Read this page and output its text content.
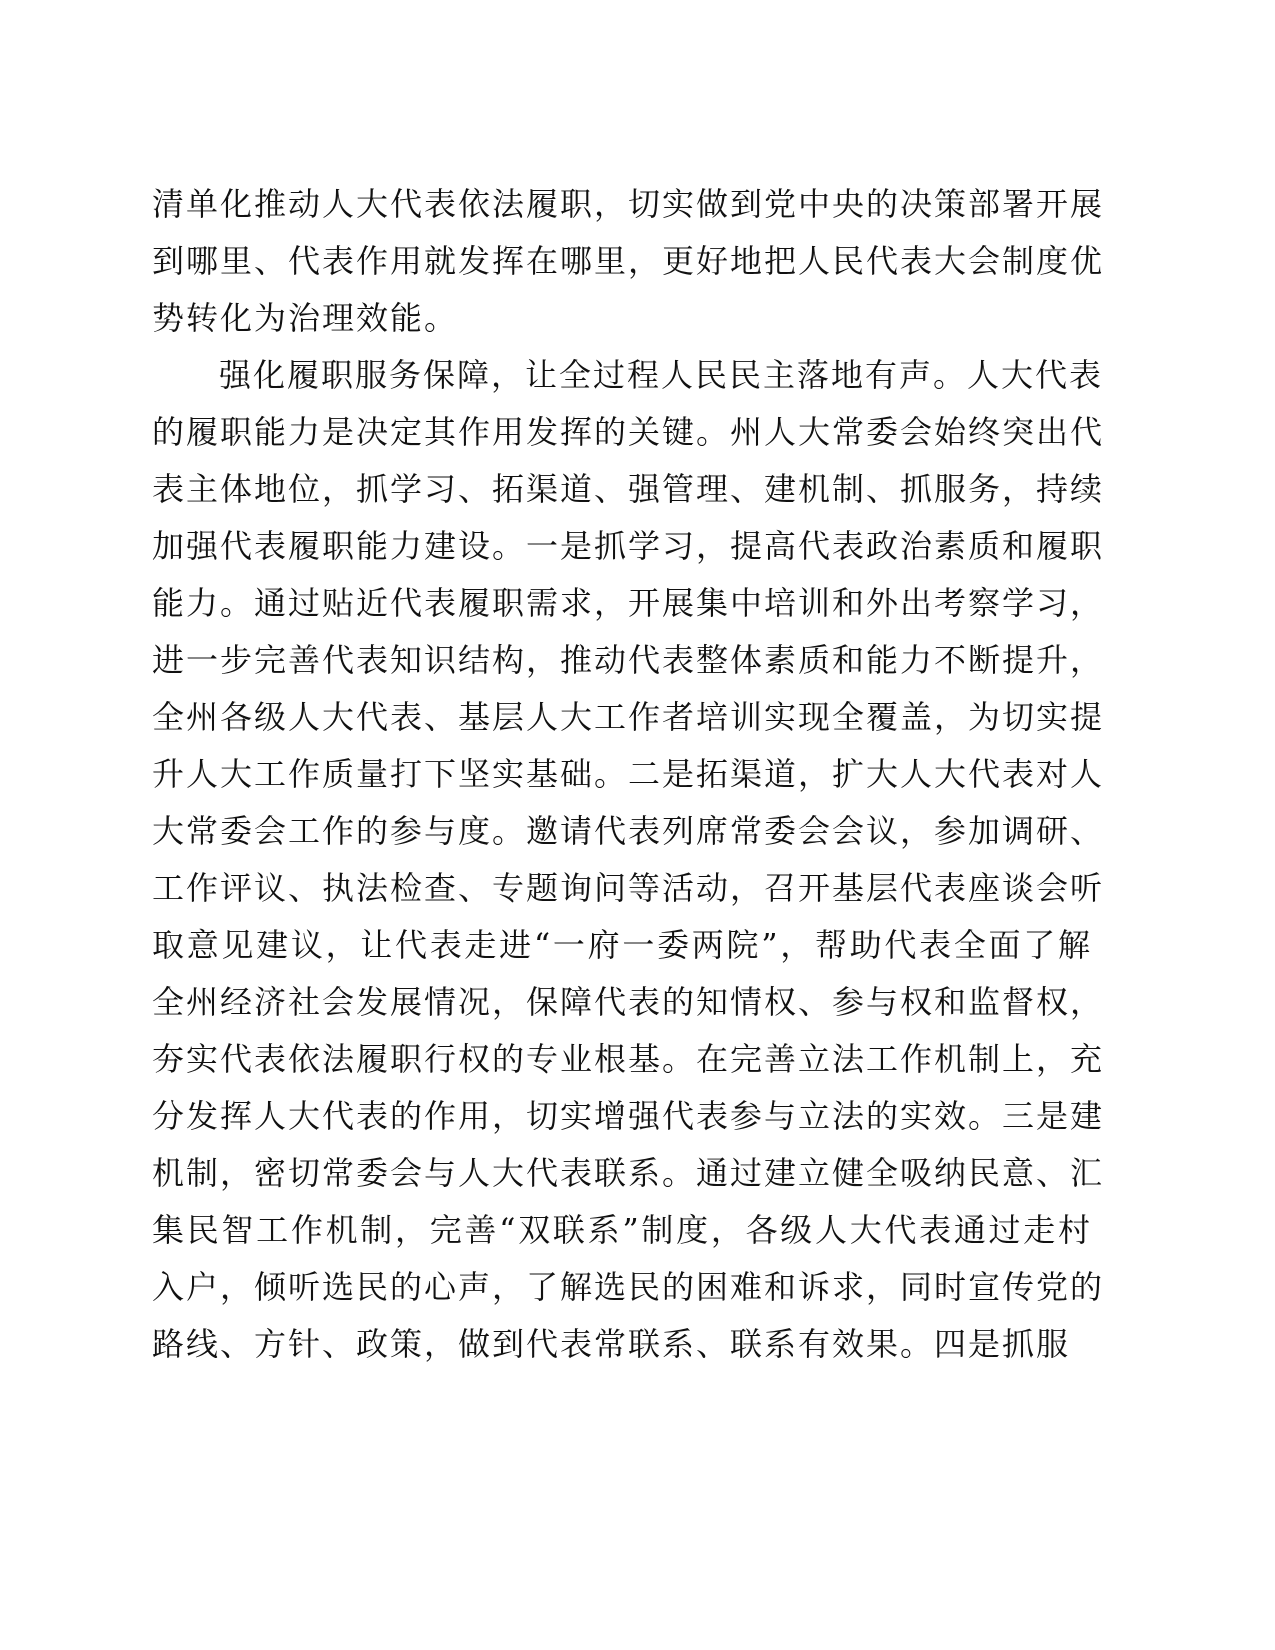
清单化推动人大代表依法履职，切实做到党中央的决策部署开展
到哪里、代表作用就发挥在哪里，更好地把人民代表大会制度优
势转化为治理效能。
强化履职服务保障，让全过程人民民主落地有声。人大代表
的履职能力是决定其作用发挥的关键。州人大常委会始终突出代
表主体地位，抓学习、拓渠道、强管理、建机制、抓服务，持续
加强代表履职能力建设。一是抓学习，提高代表政治素质和履职
能力。通过贴近代表履职需求，开展集中培训和外出考察学习，
进一步完善代表知识结构，推动代表整体素质和能力不断提升，
全州各级人大代表、基层人大工作者培训实现全覆盖，为切实提
升人大工作质量打下坚实基础。二是拓渠道，扩大人大代表对人
大常委会工作的参与度。邀请代表列席常委会会议，参加调研、
工作评议、执法检查、专题询问等活动，召开基层代表座谈会听
取意见建议，让代表走进“一府一委两院”，帮助代表全面了解
全州经济社会发展情况，保障代表的知情权、参与权和监督权，
夯实代表依法履职行权的专业根基。在完善立法工作机制上，充
分发挥人大代表的作用，切实增强代表参与立法的实效。三是建
机制，密切常委会与人大代表联系。通过建立健全吸纳民意、汇
集民智工作机制，完善“双联系”制度，各级人大代表通过走村
入户，倾听选民的心声，了解选民的困难和诉求，同时宣传党的
路线、方针、政策，做到代表常联系、联系有效果。四是抓服
